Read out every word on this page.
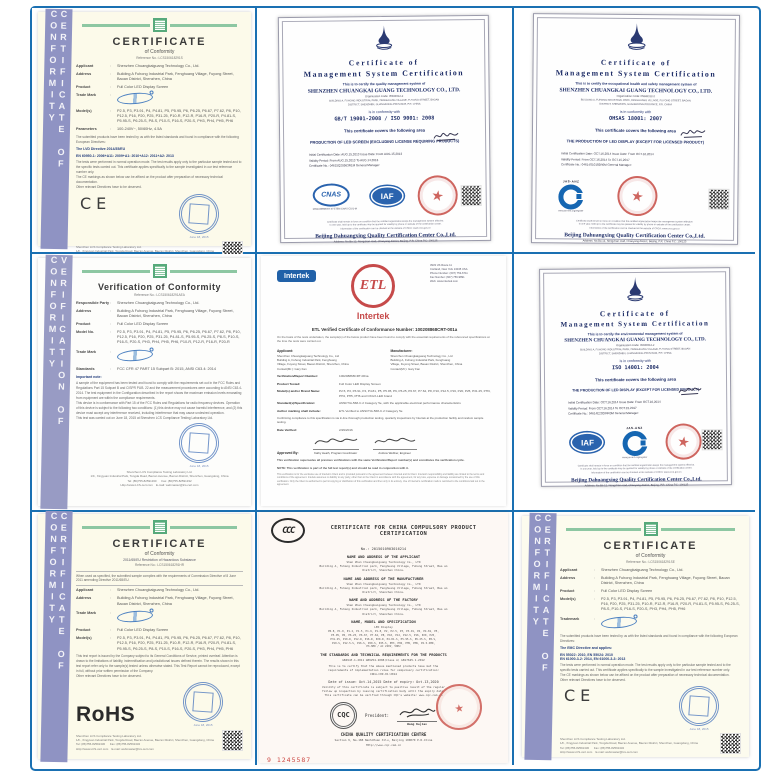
CERTIFICATE OF CONFORMITY	CERTIFICATE
of Conformity
Reference No.: LCS150618291S
Applicant	:	Shenzhen Chuangkaiguang Technology Co., Ltd.
Address	:	Building A Fuhong Industrial Park, Fenghuang Village, Fuyong Street, Baoan District, Shenzhen, China
Product	:	Full Color LED Display Screen
Trade Mark	:
Model(s)	:	P2.5, P3, P3.91, P4, P4.81, P5, P5.95, P6, P6.25, P6.67, P7.62, P8, P10, P12.5, P16, P20, P25, P31.25, P10-R, P12-R, P16-R, P20-R, P4.81-S, P5.95-S, P6.25-S, P8-S, P10-S, P16-S, P20-S, PH3, PH4, PH5, PH6
Parameters	:	100-240V~, 50/60Hz, 4.5A
The submitted products have been tested by us with the listed standards and found in compliance with the following European Directives:
The LVD Directive 2014/35/EU
EN 60950-1: 2006+A11: 2009+A1: 2010+A12: 2011+A2: 2013
The tests were performed in normal operation mode. The test results apply only to the particular sample tested and to the specific tests carried out. This certificate applies specifically to the sample investigated in our test reference number only.
The CE markings as shown below can be affixed on the product after preparation of necessary technical documentation.
Other relevant Directives have to be observed.
CE
June 18, 2015
Shenzhen LCS Compliance Testing Laboratory Ltd.
1/F., Xingyuan Industrial Park, Tongda Road, Bao'an Avenue, Bao'an District, Shenzhen, Guangdong, China
Certificate of
Management System Certification
This is to certify the quality management system of
SHENZHEN CHUANGKAI GUANG TECHNOLOGY CO., LTD.
Organization Code: 05949312-2
BUILDING A, FUHONG INDUSTRIAL PARK, FENGHUANG VILLAGE, FUYONG STREET, BAOAN
DISTRICT, SHENZHEN, GUANGDONG PROVINCE, P.R. CHINA
is in conformity with
GB/T 19001-2008 / ISO 9001: 2008
This certificate covers the following area
PRODUCTION OF LED SCREEN (EXCLUDING LICENSE REQUIRING PRODUCTS)
Initial Certification Date: AUG.15,2013 Issue Date: From AUG.15,2013
Validity Period: From AUG.15,2013 To AUG.14,2016
Certificate No.: 04615Q20563R1M General Manager:
CNAS
MANAGEMENT SYSTEM CNAS C101-M
IAF	★
Certificate shall remain in force on condition that the certified organization keeps the management system effective.
In one year, held up to the certificate may be queried for validity by phone or website of the certification center.
Information of the certification can be checked at the website of CNCA: www.cnca.gov.cn
Beijing Dahuangxing Quality Certification Center Co.,Ltd.
Address: No.Ba 12, Nongzhan road, Chaoyang district, Beijing, P.R. China P.C: 100125
Certificate of
Management System Certification
This is to certify the occupational health and safety management system of
SHENZHEN CHUANGKAI GUANG TECHNOLOGY CO., LTD.
Organization Code: 05949312-2
BUILDING A, FUHONG INDUSTRIAL PARK, FENGHUANG VILLAGE, FUYONG STREET, BAOAN
DISTRICT, SHENZHEN, GUANGDONG PROVINCE, P.R. CHINA
is in conformity with
OHSAS 18001: 2007
This certificate covers the following area
THE PRODUCTION OF LED DISPLAY (EXCEPT FOR LICENSED PRODUCT)
Initial Certification Date: OCT.16,2014 Issue Date: From OCT.16,2014
Validity Period: From OCT.16,2014 To OCT.15,2017
Certificate No.: 04614S10182R0M General Manager:
JAS-ANZ
www.jas-anz.org/register
★
Certificate shall remain in force on condition that the certified organization keeps the management system effective.
In one year, held up to the certificate may be queried for validity by phone or website of the certification center.
Information of the certification can be checked at the website of CNCA: www.cnca.gov.cn
Beijing Dahuangxing Quality Certification Center Co.,Ltd.
Address: No.Ba 12, Nongzhan road, Chaoyang district, Beijing, P.R. China P.C: 100125
VERIFICATION OF CONFORMITY	Verification of Conformity
Reference No.: LCS150618291AEA
Responsible Party :	Shenzhen Chuangkaiguang Technology Co., Ltd.
Address	:	Building A Fuhong Industrial Park, Fenghuang Village, Fuyong Street, Baoan District, Shenzhen, China
Product	:	Full Color LED Display Screen
Model No.	:	P2.5, P3, P3.91, P4, P4.81, P5, P5.95, P6, P6.25, P6.67, P7.62, P8, P10, P12.5, P16, P20, P25, P31.25, P4.81-S, P5.95-S, P6.25-S, P8-S, P10-S, P16-S, P20-S, PH3, PH4, PH5, PH6, P10-R, P12-R, P16-R, P20-R
Trade Mark	:
Standards	:	FCC CFR 47 PART 15 Subpart B: 2015, ANSI C63.4: 2014
Important note:
A sample of the equipment has been tested and found to comply with the requirements set out in the FCC Rules and Regulations Part 15 Subpart B and CISPR PUB. 22 and the measurement procedures were according to ANSI C63.4-2014. The test equipment in the Configuration described in the report shows the maximum emission levels emanating from equipment are within the compliance requirements.
This device is in conformance with Part 15 of the FCC Rules and Regulations for radio frequency devices. Operation of this device is subject to the following two conditions: (1) this device may not cause harmful interference, and (2) this device must accept any interference received, including interference that may cause undesired operation.
This test was carried out on June 18, 2015 at Shenzhen LCS Compliance Testing Laboratory Ltd.
June 18, 2015
Shenzhen LCS Compliance Testing Laboratory Ltd.
1/F., Xingyuan Industrial Park, Tongda Road, Bao'an Avenue, Bao'an District, Shenzhen, Guangdong, China
Tel: (86)755-82591330      Fax: (86)755-82591332
Http://www.LCS-cert.com    E-mail: webmaster@lcs-cert.com
Intertek
ETL
Intertek
3933 US Route 11
Cortland, New York 13045 USA
Phone Number: (607) 753-6711
Fax Number: (607) 756-9891
Web: www.intertek.com
ETL Verified Certificate of Conformance Number: 100208868CRT-001a
On the basis of the tests undertaken, the sample(s) of the below product have been found to comply with the essential requirements of the referenced specifications at the time the tests were carried out.
Applicant:
Shenzhen Chuangkaiguang Technology Co., Ltd
Building A, Fuhong Industrial Park, Fenghuang
Village, Fuyong Street, Baoan District, Shenzhen, China
Contact(Mr.): Gary Fan
Manufacturer:
Shenzhen Chuangkaiguang Technology Co., Ltd
Building A, Fuhong Industrial Park, Fenghuang
Village, Fuyong Street, Baoan District, Shenzhen, China
Contact(Mr.): Gary Fan
Verification/Report Number:	100208868CRT-001a
Product Tested:	Full Color LED Display Screen
Model(s) and/or Brand Name:	P2.5, P3, P3.91, P4, P4.81, P5, P5.95, P6, P6.25, P6.67, P7.62, P8, P10, P12.5, P16, P20, P25, P31.25, PH3, PH4, PH5, PH6 and CKGX-LED brand
Standard(s)/Specification:	ANSI/TIA-568-C.2 Category 5e, with the applicable electrical performance characteristics
Author marking shall include:	ETL Verified to ANSI/TIA-568-C.2 Category 5e
Confirming compliance to this specification is via in-line thorough production testing, quarterly inspections by Intertek at the production facility and random sample testing.
Date Verified:	2/29/2016
Approved By:	Kathy Heath, Program Coordinator	Andrew Webber, Engineer
This verification supersedes all previous verifications with the same Verification/Report number(s) and constitutes the verification cycle.
NOTE: This verification is part of the full test report(s) and should be read in conjunction with it.
This verification is for the exclusive use of Intertek's Client and is provided pursuant to the agreement between Intertek and its Client. Intertek's responsibility and liability are limited to the terms and conditions of the agreement. Intertek assumes no liability to any party, other than to the Client in accordance with the agreement, for any loss, expense or damage occasioned by the use of this verification. Only the Client is authorized to permit copying or distribution of this verification and then only in its entirety. Use of Intertek's certification mark is restricted to the conditions laid out in the agreement.
Certificate of
Management System Certification
This is to certify the environmental management system of
SHENZHEN CHUANGKAI GUANG TECHNOLOGY CO., LTD.
Organization Code: 05949312-2
BUILDING A, FUHONG INDUSTRIAL PARK, FENGHUANG VILLAGE, FUYONG STREET, BAOAN
DISTRICT, SHENZHEN, GUANGDONG PROVINCE, P.R. CHINA
is in conformity with
ISO 14001: 2004
This certificate covers the following area
THE PRODUCTION OF LED DISPLAY (EXCEPT FOR LICENSED PRODUCT)
Initial Certification Date: OCT.16,2014 Issue Date: From OCT.16,2014
Validity Period: From OCT.16,2014 To OCT.15,2017
Certificate No.: 04614E20284R0M General Manager:
IAF
JAS-ANZ
www.jas-anz.org/register
★
Certificate shall remain in force on condition that the certified organization keeps the management system effective.
In one year, held up to the certificate may be queried for validity by phone or website of the certification center.
Information of the certification can be checked at the website of CNCA: www.cnca.gov.cn
Beijing Dahuangxing Quality Certification Center Co.,Ltd.
Address: No.Ba 12, Nongzhan road, Chaoyang district, Beijing, P.R. China P.C: 100125
CERTIFICATE OF CONFORMITY	CERTIFICATE
of Conformity
2011/65/EU Restriction of Hazardous Substance
Reference No.: LCS150618291HR
When used as specified, the submitted sample complies with the requirements of Commission Directive of 8 June 2011 amending Directive 2011/65/EU.
Applicant	:	Shenzhen Chuangkaiguang Technology Co., Ltd.
Address	:	Building A Fuhong Industrial Park, Fenghuang Village, Fuyong Street, Baoan District, Shenzhen, China
Trade Mark	:
Product	:	Full Color LED Display Screen
Model(s)	:	P2.5, P3, P3.91, P4, P4.81, P5, P5.95, P6, P6.25, P6.67, P7.62, P8, P10, P12.5, P16, P20, P25, P31.25, P10-R, P12-R, P16-R, P20-R, P4.81-S, P5.95-S, P6.25-S, P8-S, P10-S, P16-S, P20-S, PH3, PH4, PH5, PH6
This test report is issued by the Company subject to its General Conditions of Service, printed overleaf. Attention is drawn to the limitations of liability, indemnification and jurisdictional issues defined therein. The results shown in this test report refer only to the sample(s) tested unless otherwise stated. This Test Report cannot be reproduced, except in full, without prior written permission of the Company.
Other relevant Directives have to be observed.
RoHS	June 18, 2015
Shenzhen LCS Compliance Testing Laboratory Ltd.
1/F., Xingyuan Industrial Park, Tongda Road, Bao'an Avenue, Bao'an District, Shenzhen, Guangdong, China
Tel: (86)755-82591330      Fax: (86)755-82591332
Http://www.LCS-cert.com    E-mail: webmaster@lcs-cert.com
CCC	CERTIFICATE FOR CHINA COMPULSORY PRODUCT CERTIFICATION
No.: 2015010903016214
NAME AND ADDRESS OF THE APPLICANT
Shen Zhen Chuangkaiguang Technology Co., LTD
Building A, Fuhong Industrial park, Fenghuang Village, Fuhong Street, Bao an
District, Shenzhen China.
NAME AND ADDRESS OF THE MANUFACTURER
Shen Zhen Chuangkaiguang Technology Co., LTD
Building A, Fuhong Industrial park, Fenghuang Village, Fuhong Street, Bao an
District, Shenzhen China.
NAME AND ADDRESS OF THE FACTORY
Shen Zhen Chuangkaiguang Technology Co., LTD
Building A, Fuhong Industrial park, Fenghuang Village, Fuhong Street, Bao an
District, Shenzhen China.
NAME, MODEL AND SPECIFICATION
LED Display
P0.8, P1.0, P1.2, P1.5, P1.6, P1.8, P2, P2.5, P3, P3.91, P4, P4.81, P5,
P5.95, P6, P6.25, P6.67, P7.62, P8, P10, P12, P12.5, P16, P20, P25,
P31.25, P10-R, P12-R, P16-R, P20-R, P4.81-S, P5.95-S, P6.25-S, P8-S,
P10-S, P12.5-S, P16-S, P20-S, P25-S, PH3, PH4, PH5, PH6, P2.5-SMD,
P3-SMD / AC 220V, 50Hz
THE STANDARDS AND TECHNICAL REQUIREMENTS FOR THE PRODUCTS
GB4943.1-2011 GB9254-2008(Class A) GB17625.1-2012
This is to certify that the above mentioned products have met the
requirements of implementation rules for compulsory certification:
CNCA-C09-01:2014
Date of issue: Oct.14,2015 Date of expiry: Oct.13,2020
Validity of this certificate is subject to positive result of the regular
follow up inspection by issuing certification body until the expiry date.
This certificate can be verified through CQC's website: www.cqc.com.cn
CQC	President:
Wang Kejiao
★
CHINA QUALITY CERTIFICATION CENTRE
Section 9, No.188 NanSiHuan Xilu, Beijing 100070 P.R.China
Http://www.cqc.com.cn
9 1245587
CERTIFICATE OF CONFORMITY	CERTIFICATE
of Conformity
Reference No.: LCS150618291SE
Applicant	:	Shenzhen Chuangkaiguang Technology Co., Ltd.
Address	:	Building A Fuhong Industrial Park, Fenghuang Village, Fuyong Street, Baoan District, Shenzhen, China
Product	:	Full Color LED Display Screen
Model(s)	:	P2.5, P3, P3.91, P4, P4.81, P5, P5.95, P6, P6.25, P6.67, P7.62, P8, P10, P12.5, P16, P20, P25, P31.25, P10-R, P12-R, P16-R, P20-R, P4.81-S, P5.95-S, P6.25-S, P8-S, P10-S, P16-S, P20-S, PH3, PH4, PH5, PH6
Trademark	:
The submitted products have been tested by us with the listed standards and found in compliance with the following European Directives:
The EMC Directive and applies:
EN 55022: 2010, EN 55024: 2010
EN 61000-3-2: 2014, EN 61000-3-3: 2013
The tests were performed in normal operation mode. The test results apply only to the particular sample tested and to the specific tests carried out. This certificate applies specifically to the sample investigated in our test reference number only.
The CE markings as shown below can be affixed on the product after preparation of necessary technical documentation.
Other relevant Directives have to be observed.
CE
June 18, 2015
Shenzhen LCS Compliance Testing Laboratory Ltd.
1/F., Xingyuan Industrial Park, Tongda Road, Bao'an Avenue, Bao'an District, Shenzhen, Guangdong, China
Tel: (86)755-82591330      Fax: (86)755-82591332
Http://www.LCS-cert.com    E-mail: webmaster@lcs-cert.com
